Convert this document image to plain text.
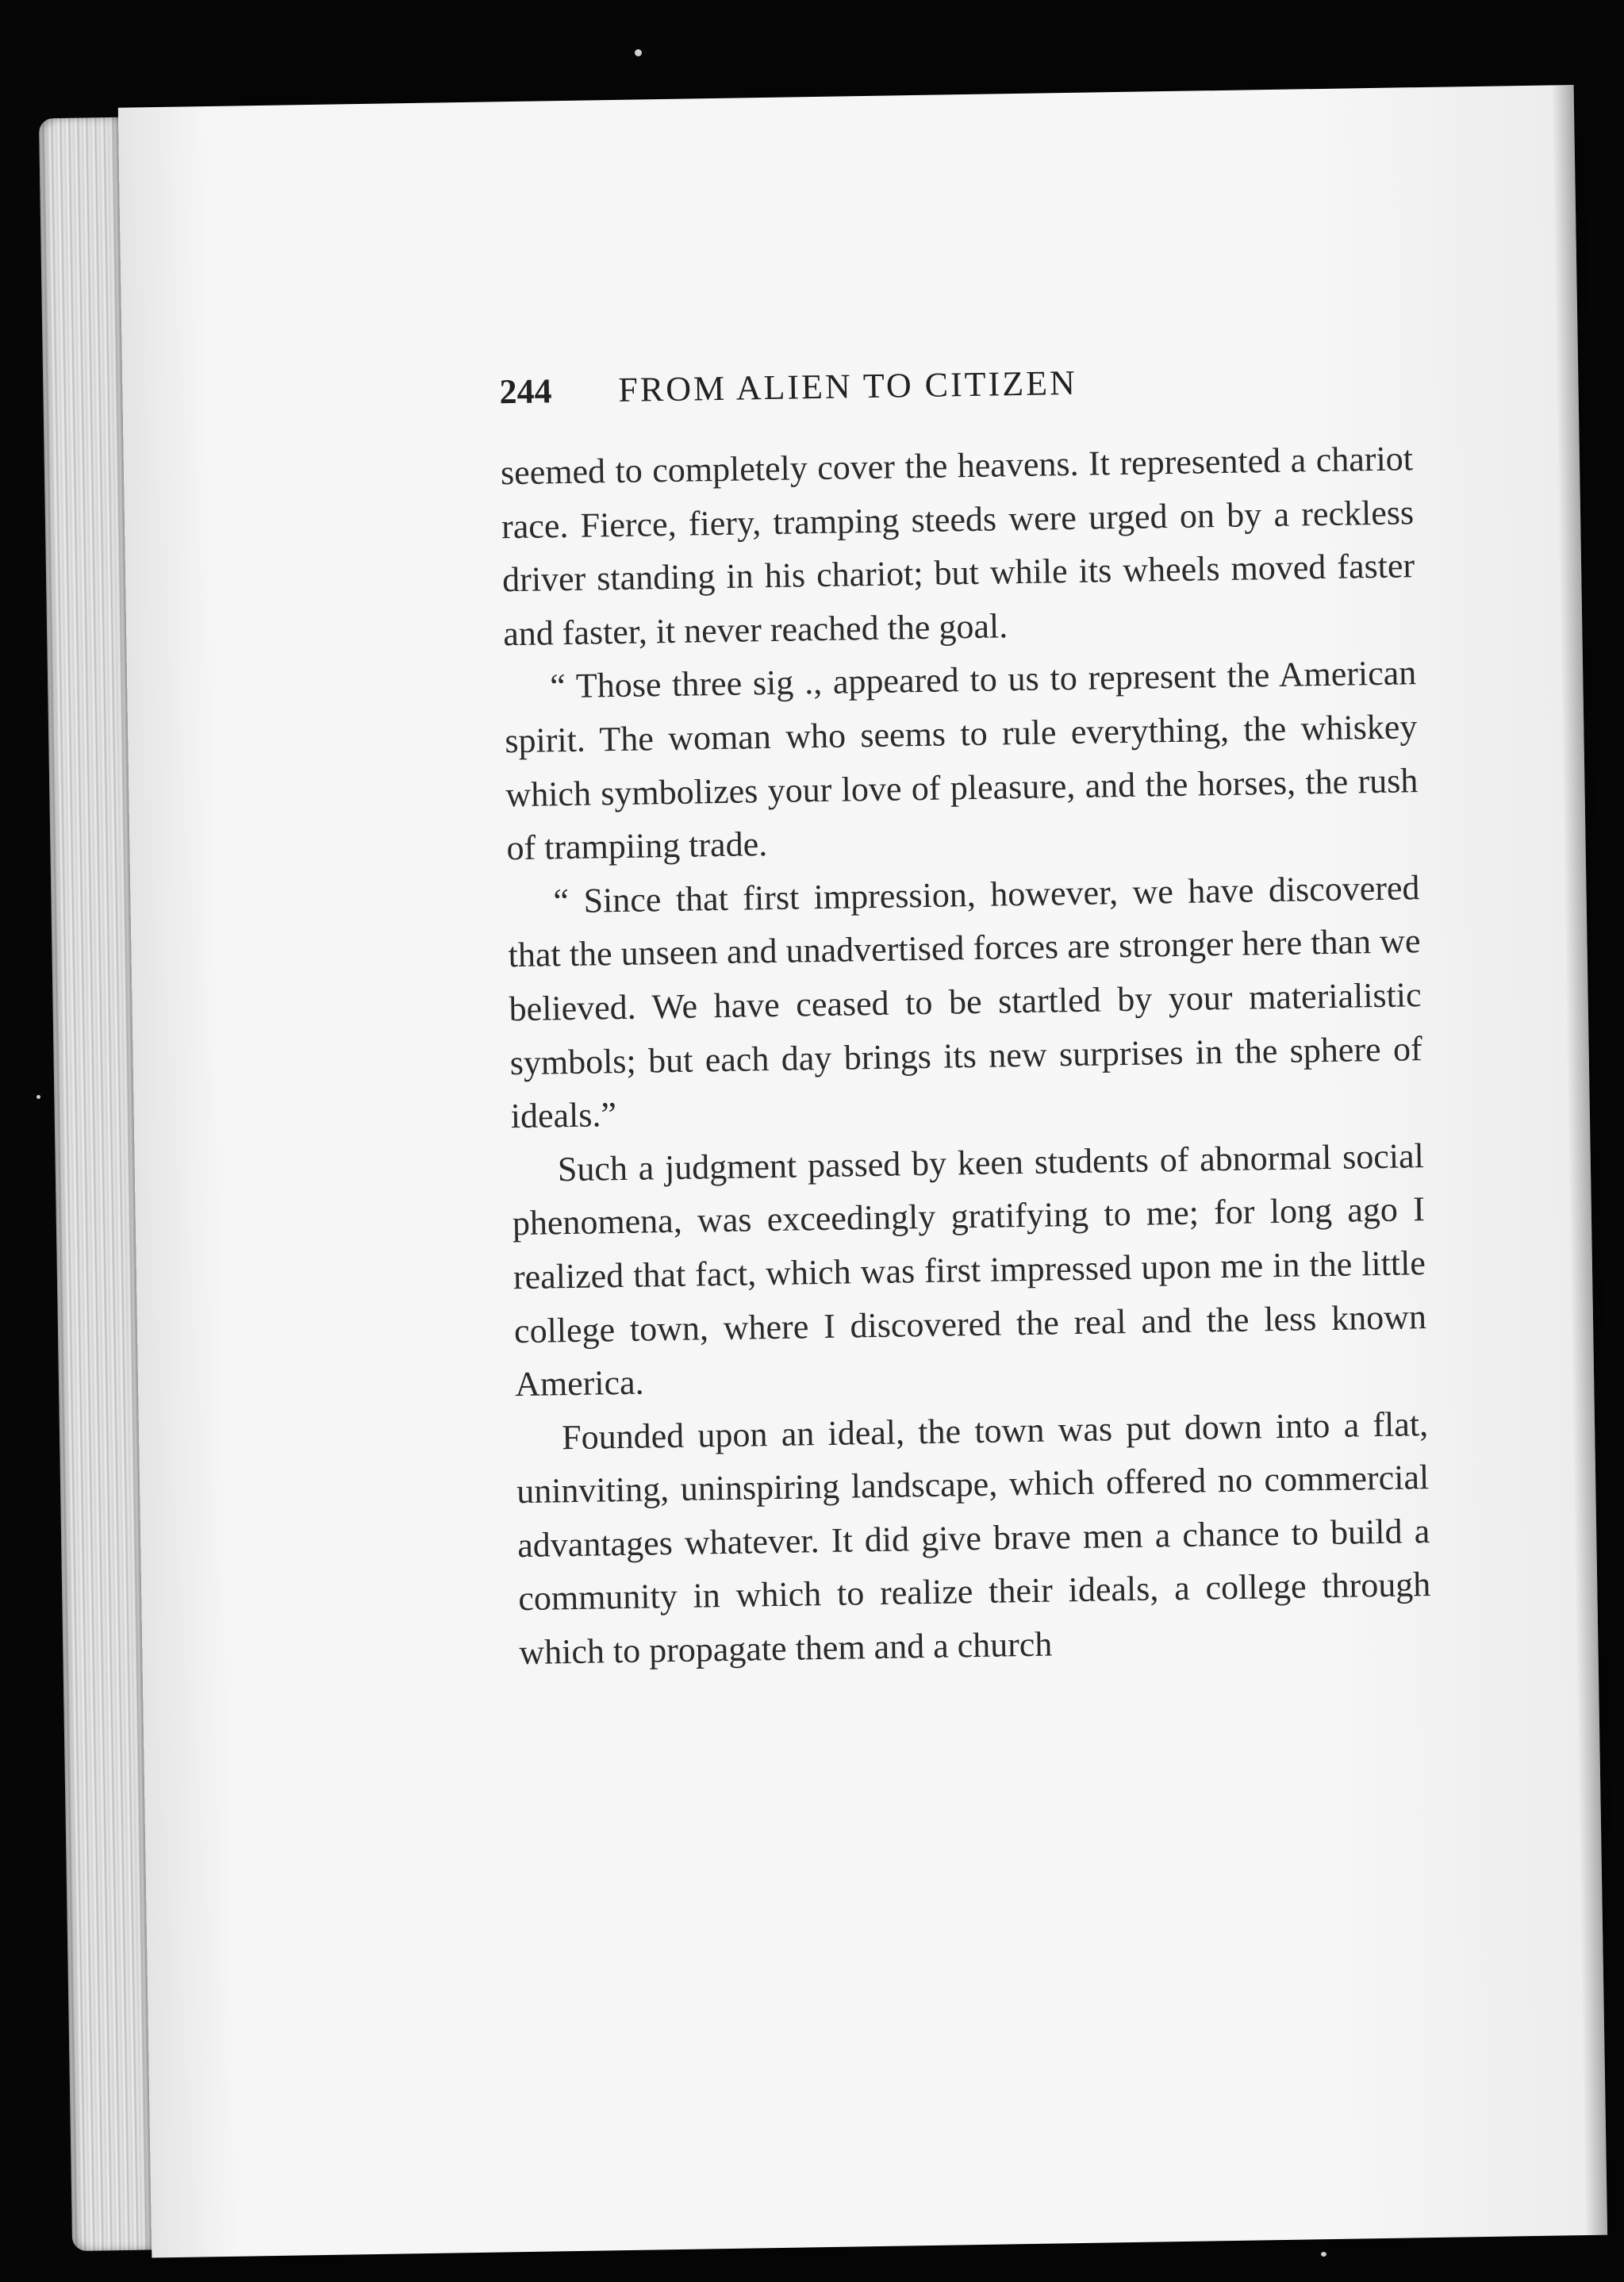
244	FROM ALIEN TO CITIZEN

seemed to completely cover the heavens. It represented a chariot race. Fierce, fiery, tramping steeds were urged on by a reckless driver standing in his chariot; but while its wheels moved faster and faster, it never reached the goal.

“ Those three sig ., appeared to us to represent the American spirit. The woman who seems to rule everything, the whiskey which symbolizes your love of pleasure, and the horses, the rush of trampiing trade.

“ Since that first impression, however, we have discovered that the unseen and unadvertised forces are stronger here than we believed. We have ceased to be startled by your materialistic symbols; but each day brings its new surprises in the sphere of ideals.”

Such a judgment passed by keen students of abnormal social phenomena, was exceedingly gratifying to me; for long ago I realized that fact, which was first impressed upon me in the little college town, where I discovered the real and the less known America.

Founded upon an ideal, the town was put down into a flat, uninviting, uninspiring landscape, which offered no commercial advantages whatever. It did give brave men a chance to build a community in which to realize their ideals, a college through which to propagate them and a church
